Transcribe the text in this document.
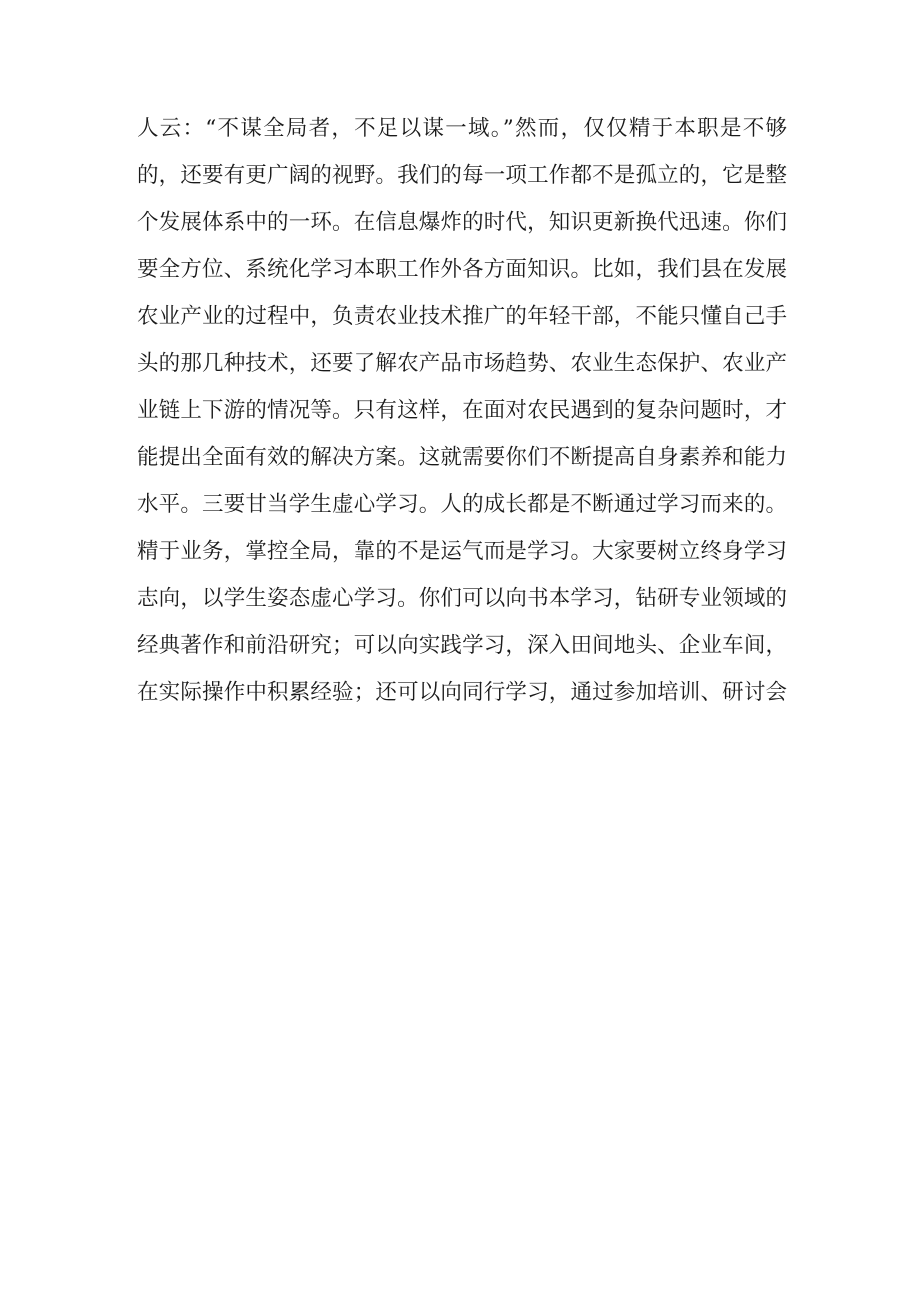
人云：“不谋全局者，不足以谋一域。”然而，仅仅精于本职是不够
的，还要有更广阔的视野。我们的每一项工作都不是孤立的，它是整
个发展体系中的一环。在信息爆炸的时代，知识更新换代迅速。你们
要全方位、系统化学习本职工作外各方面知识。比如，我们县在发展
农业产业的过程中，负责农业技术推广的年轻干部，不能只懂自己手
头的那几种技术，还要了解农产品市场趋势、农业生态保护、农业产
业链上下游的情况等。只有这样，在面对农民遇到的复杂问题时，才
能提出全面有效的解决方案。这就需要你们不断提高自身素养和能力
水平。三要甘当学生虚心学习。人的成长都是不断通过学习而来的。
精于业务，掌控全局，靠的不是运气而是学习。大家要树立终身学习
志向，以学生姿态虚心学习。你们可以向书本学习，钻研专业领域的
经典著作和前沿研究；可以向实践学习，深入田间地头、企业车间，
在实际操作中积累经验；还可以向同行学习，通过参加培训、研讨会
